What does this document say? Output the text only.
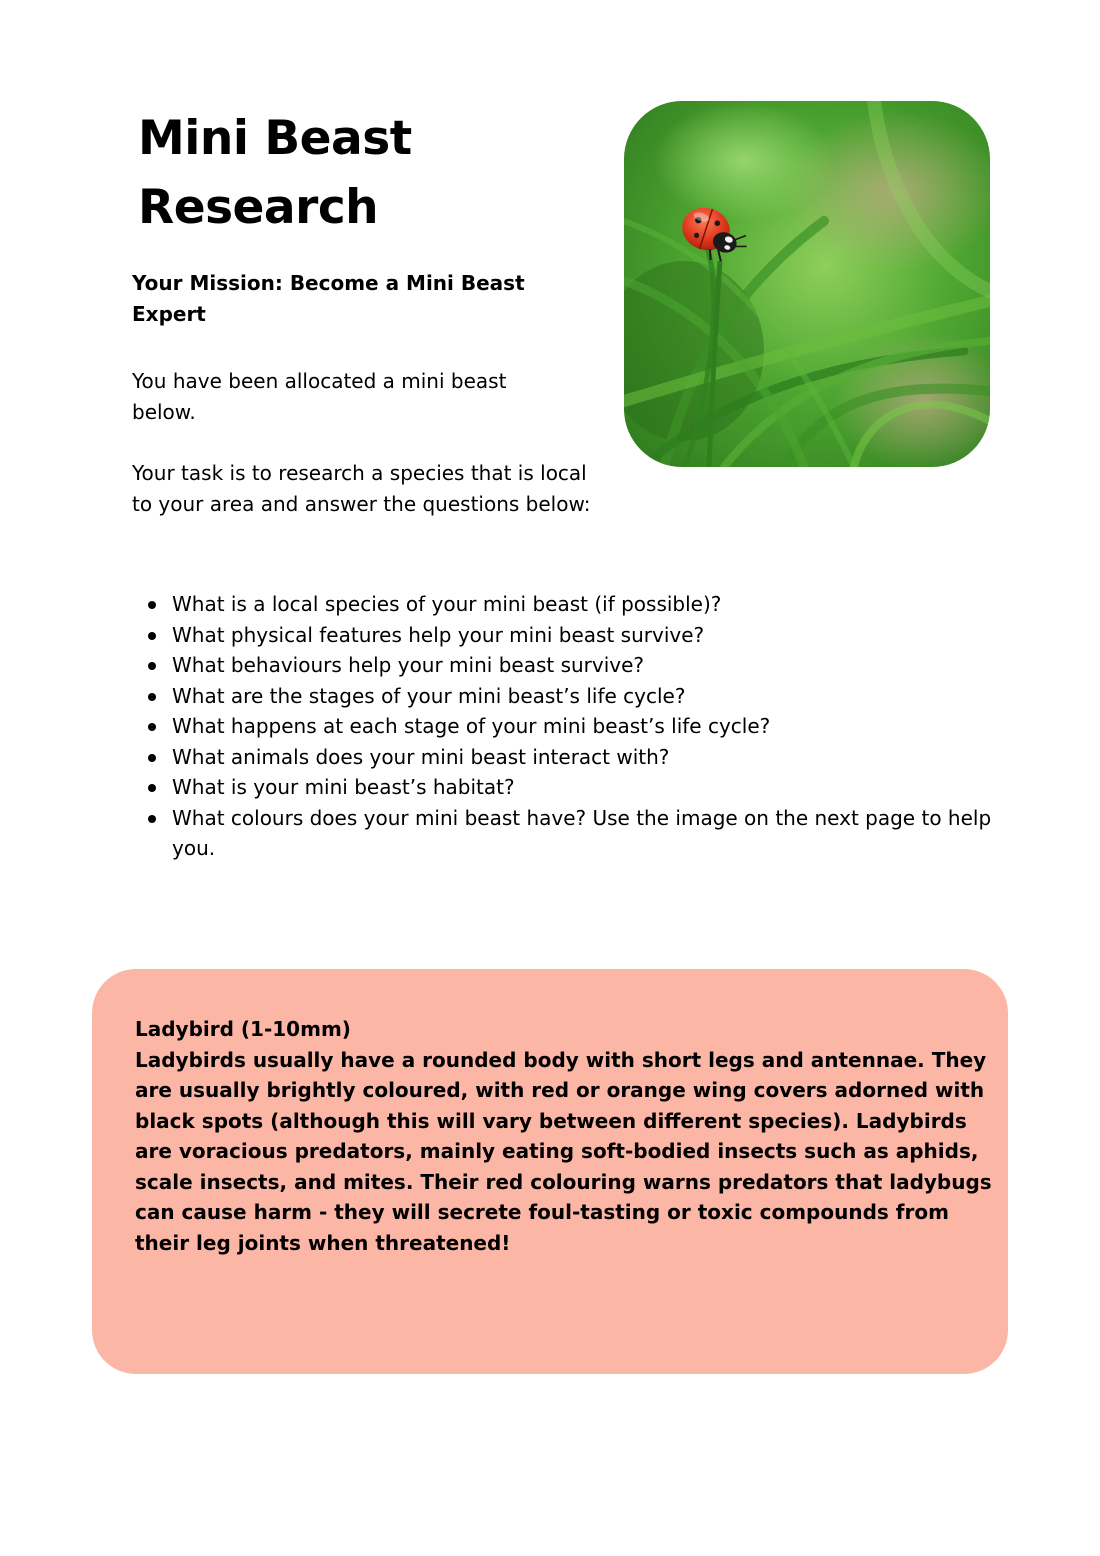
Mini Beast Research

Your Mission: Become a Mini Beast Expert

You have been allocated a mini beast below.

Your task is to research a species that is local to your area and answer the questions below:

What is a local species of your mini beast (if possible)?
What physical features help your mini beast survive?
What behaviours help your mini beast survive?
What are the stages of your mini beast’s life cycle?
What happens at each stage of your mini beast’s life cycle?
What animals does your mini beast interact with?
What is your mini beast’s habitat?
What colours does your mini beast have? Use the image on the next page to help you.

Ladybird (1-10mm)
Ladybirds usually have a rounded body with short legs and antennae. They are usually brightly coloured, with red or orange wing covers adorned with black spots (although this will vary between different species). Ladybirds are voracious predators, mainly eating soft-bodied insects such as aphids, scale insects, and mites. Their red colouring warns predators that ladybugs can cause harm - they will secrete foul-tasting or toxic compounds from their leg joints when threatened!
